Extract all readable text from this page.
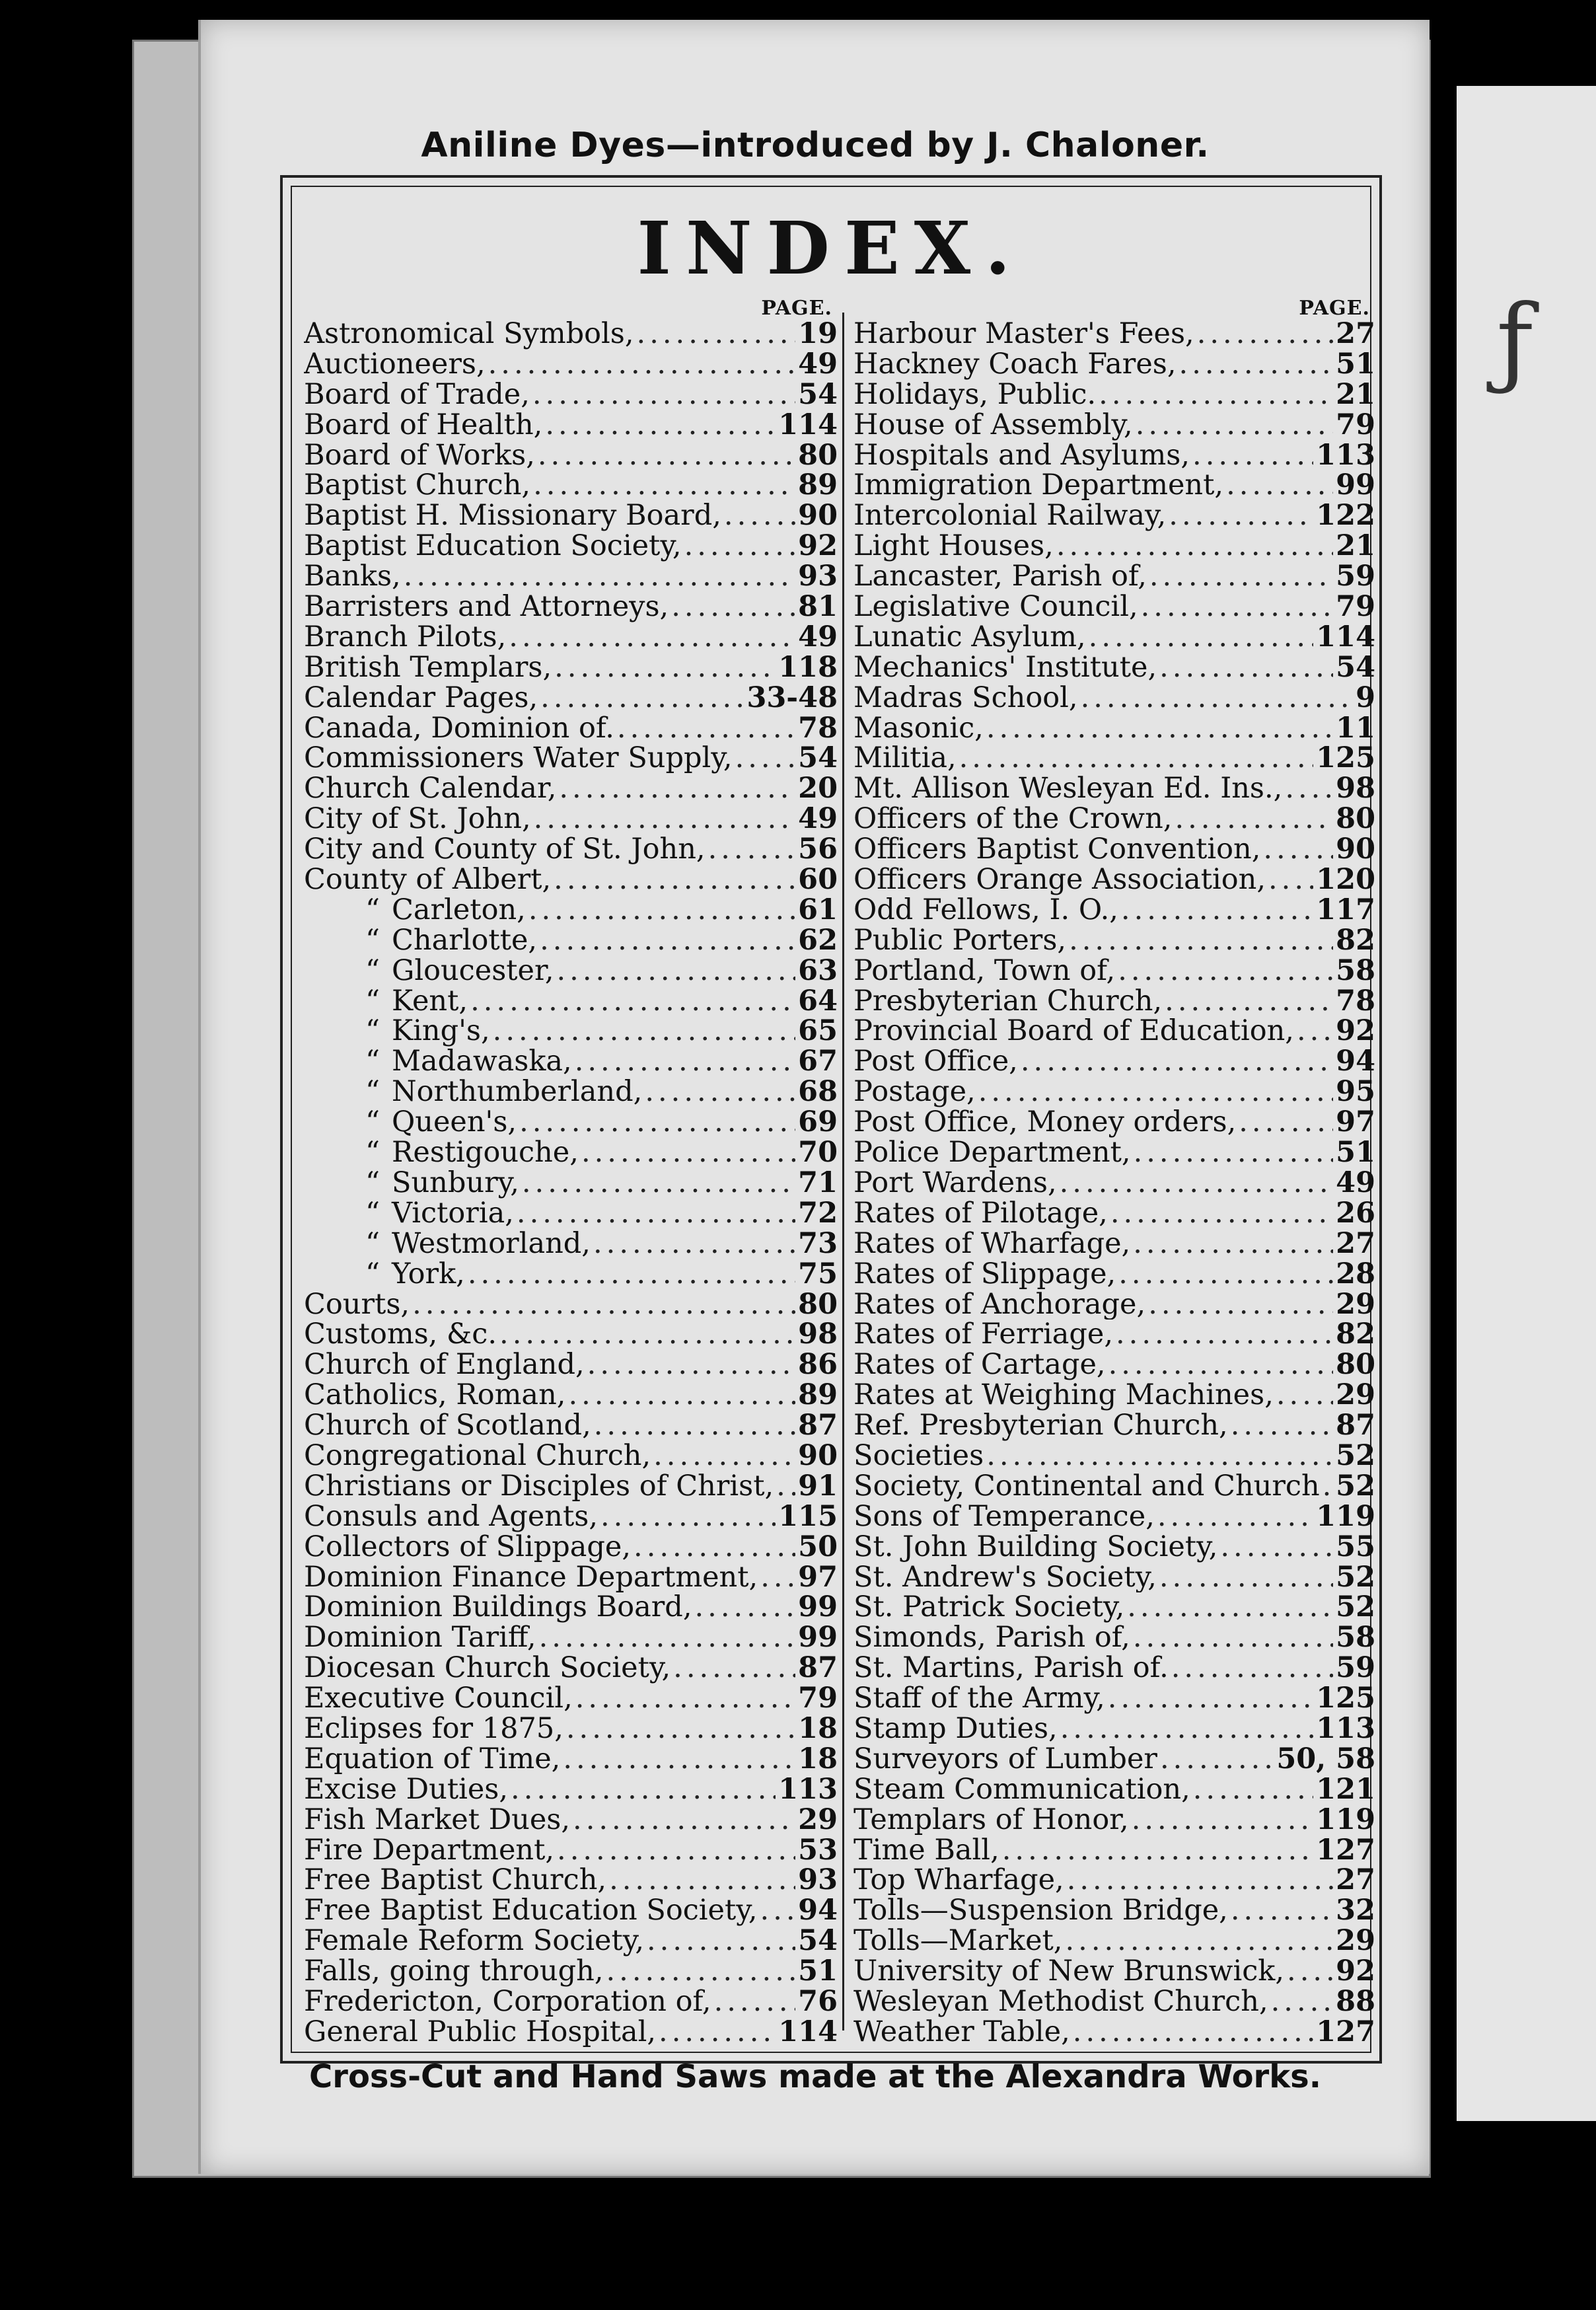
ƒ
Aniline Dyes—introduced by J. Chaloner.
INDEX.
PAGE.
Astronomical Symbols, .....	19
Auctioneers, .....	49
Board of Trade, .....	54
Board of Health, .....	114
Board of Works, .....	80
Baptist Church, .....	89
Baptist H. Missionary Board, .....	90
Baptist Education Society, .....	92
Banks, .....	93
Barristers and Attorneys, .....	81
Branch Pilots, .....	49
British Templars, .....	118
Calendar Pages, .....	33-48
Canada, Dominion of. .....	78
Commissioners Water Supply, ..... 54
Church Calendar, .....	20
City of St. John, .....	49
City and County of St. John, .....	56
County of Albert, .....	60
“ Carleton, .....	61
“ Charlotte, .....	62
“ Gloucester, .....	63
“ Kent, .....	64
“ King's, .....	65
“ Madawaska, .....	67
“ Northumberland, .....	68
“ Queen's, .....	69
“ Restigouche, .....	70
“ Sunbury, .....	71
“ Victoria, .....	72
“ Westmorland, .....	73
“ York, .....	75
Courts, .....	80
Customs, &c. .....	98
Church of England, .....	86
Catholics, Roman, .....	89
Church of Scotland, .....	87
Congregational Church, .....	90
Christians or Disciples of Christ, ..... 91
Consuls and Agents, .....	115
Collectors of Slippage, .....	50
Dominion Finance Department, ..... 97
Dominion Buildings Board, .....	99
Dominion Tariff, .....	99
Diocesan Church Society, .....	87
Executive Council, .....	79
Eclipses for 1875, .....	18
Equation of Time, .....	18
Excise Duties, .....	113
Fish Market Dues, .....	29
Fire Department, .....	53
Free Baptist Church, .....	93
Free Baptist Education Society, ..... 94
Female Reform Society, .....	54
Falls, going through, .....	51
Fredericton, Corporation of, .....	76
General Public Hospital, .....	114
PAGE.
Harbour Master's Fees, .....	27
Hackney Coach Fares, .....	51
Holidays, Public. .....	21
House of Assembly, .....	79
Hospitals and Asylums, .....	113
Immigration Department, .....	99
Intercolonial Railway, .....	122
Light Houses, .....	21
Lancaster, Parish of, .....	59
Legislative Council, .....	79
Lunatic Asylum, .....	114
Mechanics' Institute, .....	54
Madras School, .....	9
Masonic, .....	11
Militia, .....	125
Mt. Allison Wesleyan Ed. Ins., ..... 98
Officers of the Crown, .....	80
Officers Baptist Convention, .....	90
Officers Orange Association, ..... 120
Odd Fellows, I. O., .....	117
Public Porters, .....	82
Portland, Town of, .....	58
Presbyterian Church, .....	78
Provincial Board of Education, ..... 92
Post Office, .....	94
Postage, .....	95
Post Office, Money orders, .....	97
Police Department, .....	51
Port Wardens, .....	49
Rates of Pilotage, .....	26
Rates of Wharfage, .....	27
Rates of Slippage, .....	28
Rates of Anchorage, .....	29
Rates of Ferriage, .....	82
Rates of Cartage, .....	80
Rates at Weighing Machines, ..... 29
Ref. Presbyterian Church, .....	87
Societies .....	52
Society, Continental and Church ..... 52
Sons of Temperance, .....	119
St. John Building Society, .....	55
St. Andrew's Society, .....	52
St. Patrick Society, .....	52
Simonds, Parish of, .....	58
St. Martins, Parish of. .....	59
Staff of the Army, .....	125
Stamp Duties, .....	113
Surveyors of Lumber .....	50, 58
Steam Communication, .....	121
Templars of Honor, .....	119
Time Ball, .....	127
Top Wharfage, .....	27
Tolls—Suspension Bridge, .....	32
Tolls—Market, .....	29
University of New Brunswick, ..... 92
Wesleyan Methodist Church, ..... 88
Weather Table, .....	127
Cross-Cut and Hand Saws made at the Alexandra Works.
